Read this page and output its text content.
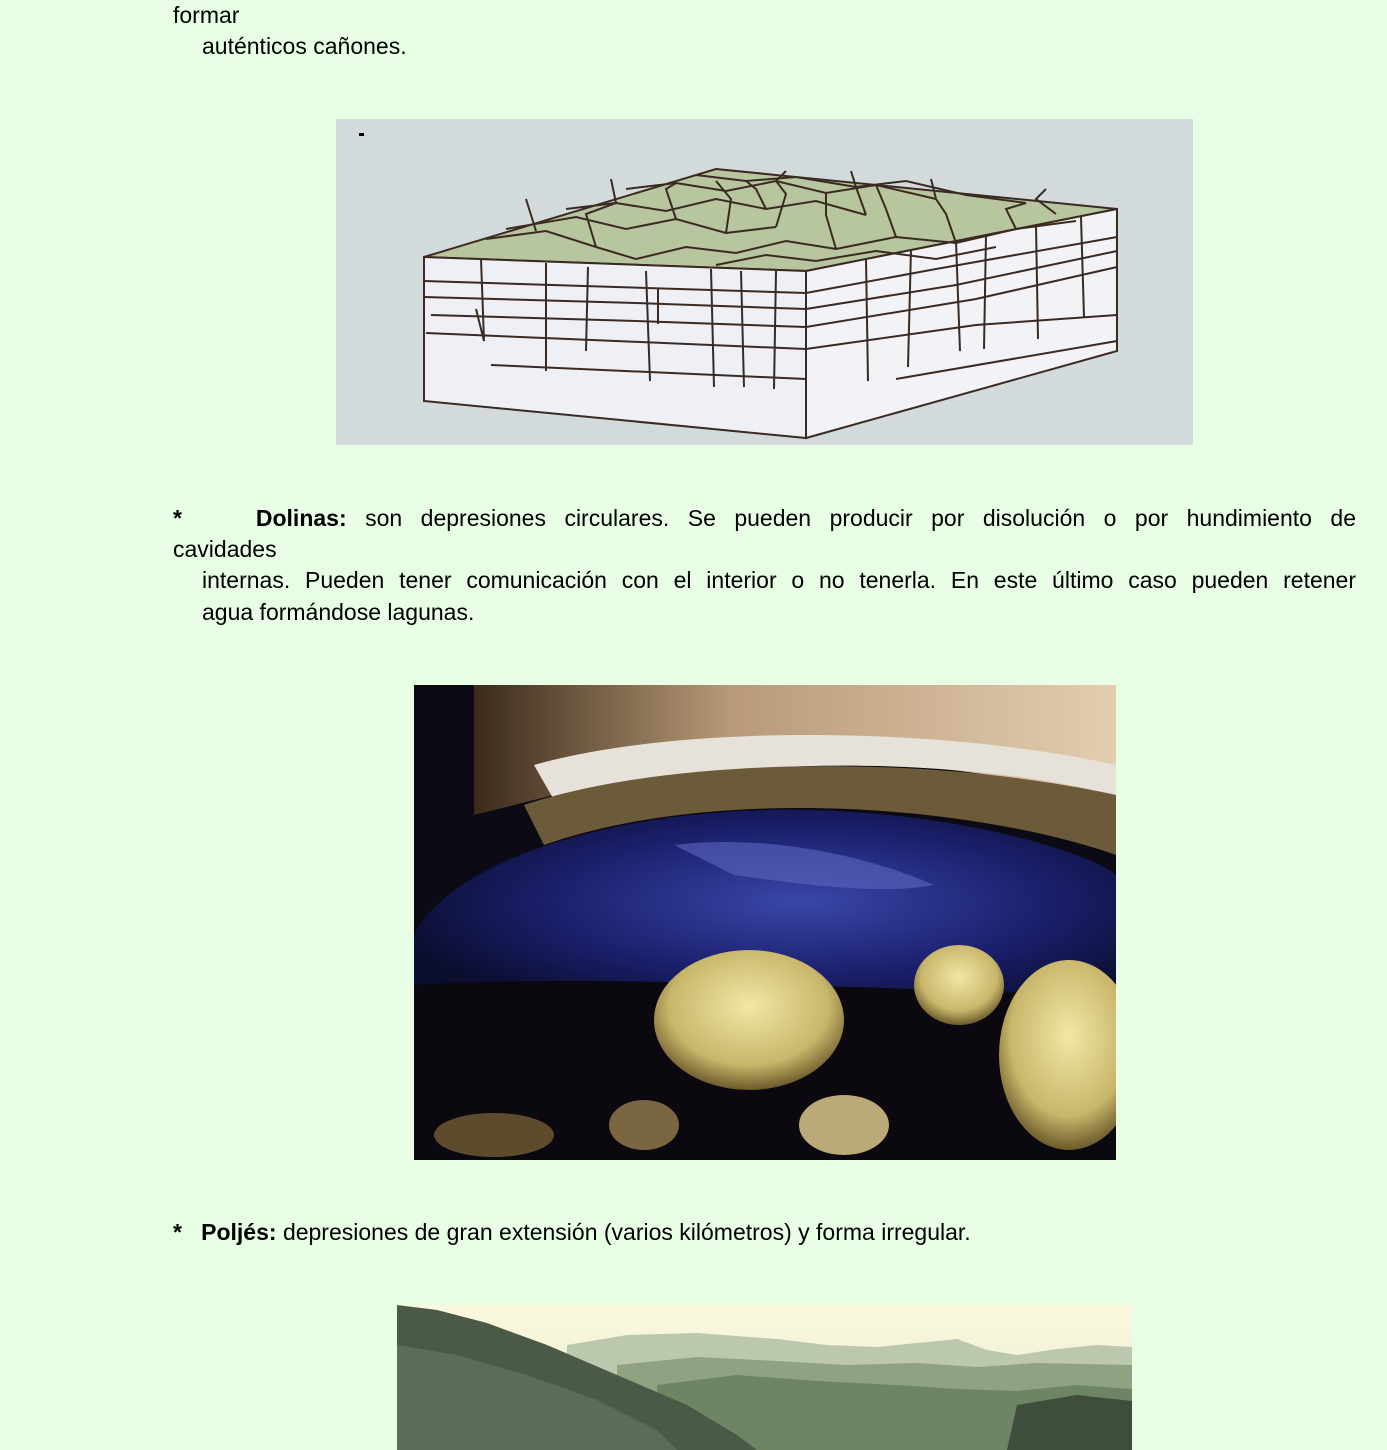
formar
auténticos cañones.
*	Dolinas: son depresiones circulares. Se pueden producir por disolución o por hundimiento de
cavidades
internas. Pueden tener comunicación con el interior o no tenerla. En este último caso pueden retener
agua formándose lagunas.
* Poljés: depresiones de gran extensión (varios kilómetros) y forma irregular.
